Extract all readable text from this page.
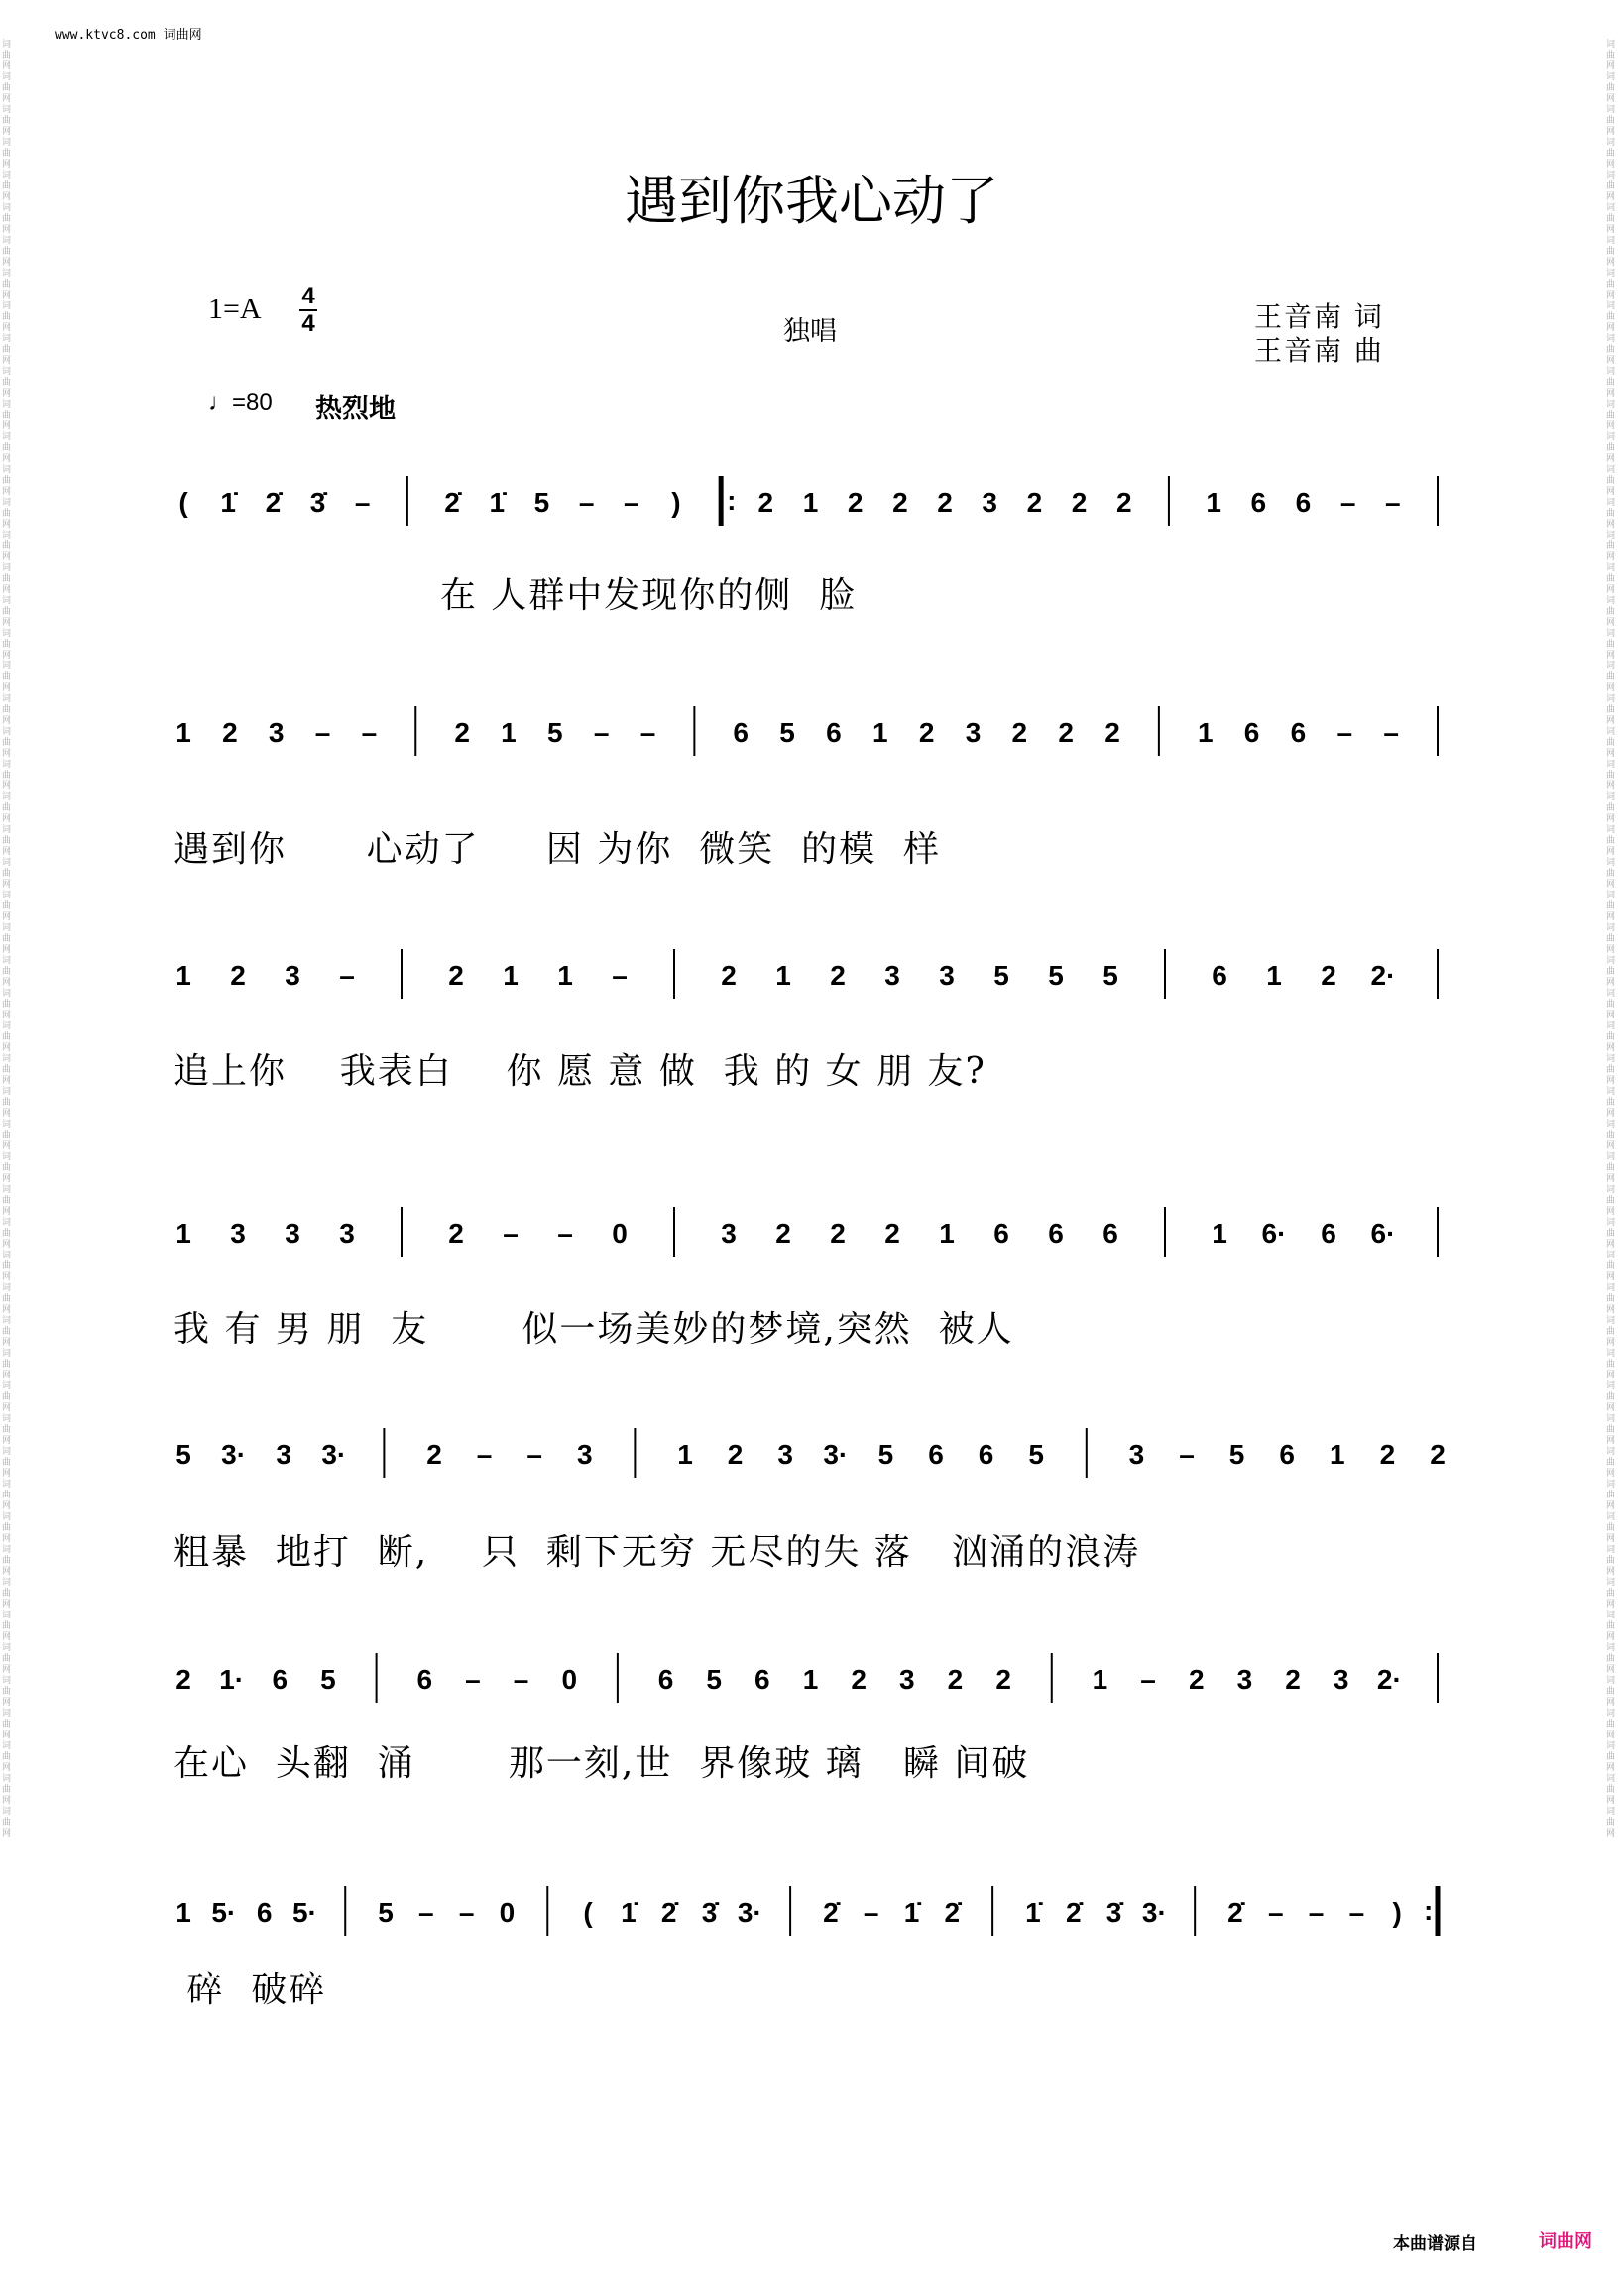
www.ktvc8.com 词曲网
词曲网词曲网词曲网词曲网词曲网词曲网词曲网词曲网词曲网词曲网词曲网词曲网词曲网词曲网词曲网词曲网词曲网词曲网词曲网词曲网词曲网词曲网词曲网词曲网词曲网词曲网词曲网词曲网词曲网词曲网词曲网词曲网词曲网词曲网词曲网词曲网词曲网词曲网词曲网词曲网词曲网词曲网词曲网词曲网词曲网词曲网词曲网词曲网词曲网词曲网词曲网词曲网词曲网词曲网词曲网
词曲网词曲网词曲网词曲网词曲网词曲网词曲网词曲网词曲网词曲网词曲网词曲网词曲网词曲网词曲网词曲网词曲网词曲网词曲网词曲网词曲网词曲网词曲网词曲网词曲网词曲网词曲网词曲网词曲网词曲网词曲网词曲网词曲网词曲网词曲网词曲网词曲网词曲网词曲网词曲网词曲网词曲网词曲网词曲网词曲网词曲网词曲网词曲网词曲网词曲网词曲网词曲网词曲网词曲网词曲网
遇到你我心动了
1=A 4
4	独唱	王音南 词
王音南 曲
♩=80 热烈地
( 1̇ 2̇ 3̇ –	2̇ 1̇ 5 – – ) : 2 1 2 2 2 3 2 2 2	1 6 6 – –
1 2 3 – –	2 1 5 – –	6 5 6 1 2 3 2 2 2	1 6 6 – –
1 2 3 –	2 1 1 –	2 1 2 3 3 5 5 5	6 1 2 2·
1 3 3 3	2 – – 0	3 2 2 2 1 6 6 6	1 6· 6 6·
5 3· 3 3·	2 – – 3	1 2 3 3· 5 6 6 5	3 – 5 6 1 2 2
2 1· 6 5	6 – – 0	6 5 6 1 2 3 2 2	1 – 2 3 2 3 2·
1 5· 6 5· 5 – – 0 ( 1̇ 2̇ 3̇ 3· 2̇ – 1̇ 2̇ 1̇ 2̇ 3̇ 3· 2̇ – – – ) :
在 人群中发现你的侧  脸
遇到你      心动了     因 为你  微笑  的模  样
追上你    我表白    你 愿 意 做  我 的 女 朋 友?
我 有 男 朋  友       似一场美妙的梦境,突然  被人
粗暴  地打  断,    只  剩下无穷 无尽的失 落   汹涌的浪涛
在心  头翻  涌       那一刻,世  界像玻 璃   瞬 间破
碎  破碎
本曲谱源自	词曲网
